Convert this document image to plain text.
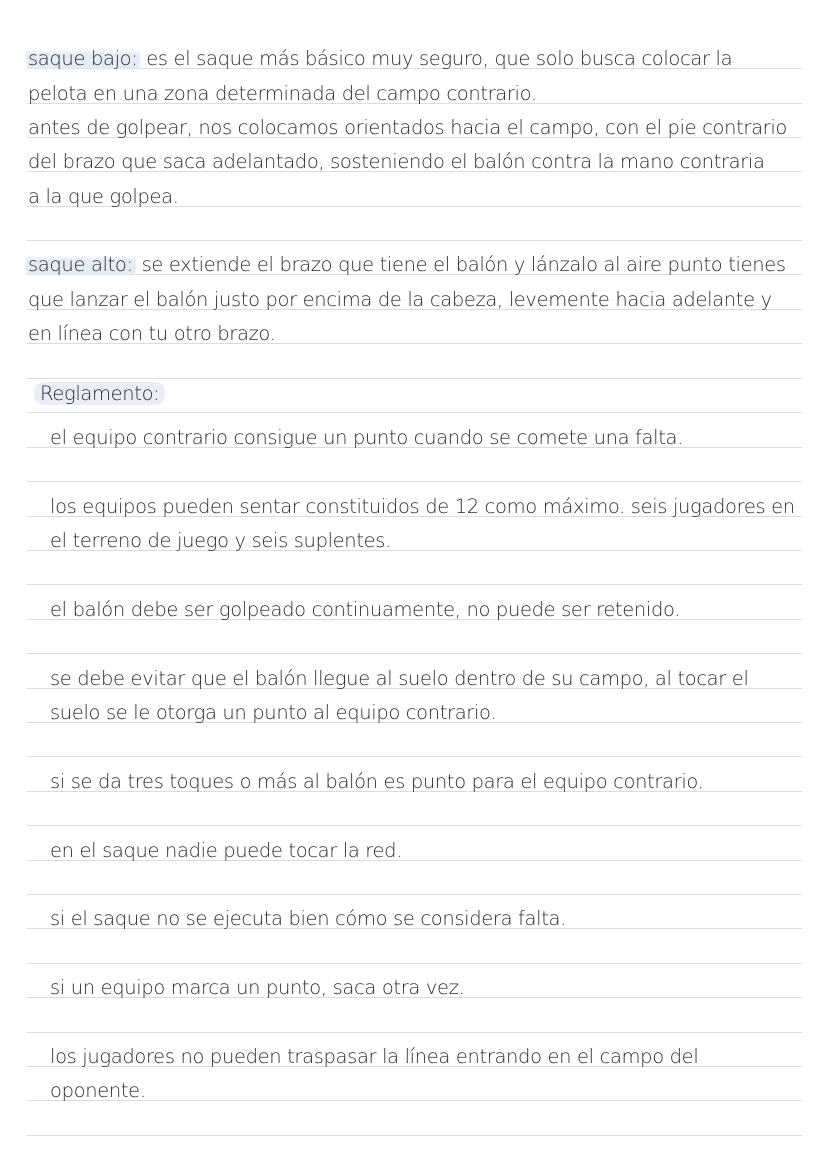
saque bajo: es el saque más básico muy seguro, que solo busca colocar la
pelota en una zona determinada del campo contrario.
antes de golpear, nos colocamos orientados hacia el campo, con el pie contrario
del brazo que saca adelantado, sosteniendo el balón contra la mano contraria
a la que golpea.
saque alto: se extiende el brazo que tiene el balón y lánzalo al aire punto tienes
que lanzar el balón justo por encima de la cabeza, levemente hacia adelante y
en línea con tu otro brazo.
Reglamento:
el equipo contrario consigue un punto cuando se comete una falta.
los equipos pueden sentar constituidos de 12 como máximo. seis jugadores en
el terreno de juego y seis suplentes.
el balón debe ser golpeado continuamente, no puede ser retenido.
se debe evitar que el balón llegue al suelo dentro de su campo, al tocar el
suelo se le otorga un punto al equipo contrario.
si se da tres toques o más al balón es punto para el equipo contrario.
en el saque nadie puede tocar la red.
si el saque no se ejecuta bien cómo se considera falta.
si un equipo marca un punto, saca otra vez.
los jugadores no pueden traspasar la línea entrando en el campo del
oponente.
